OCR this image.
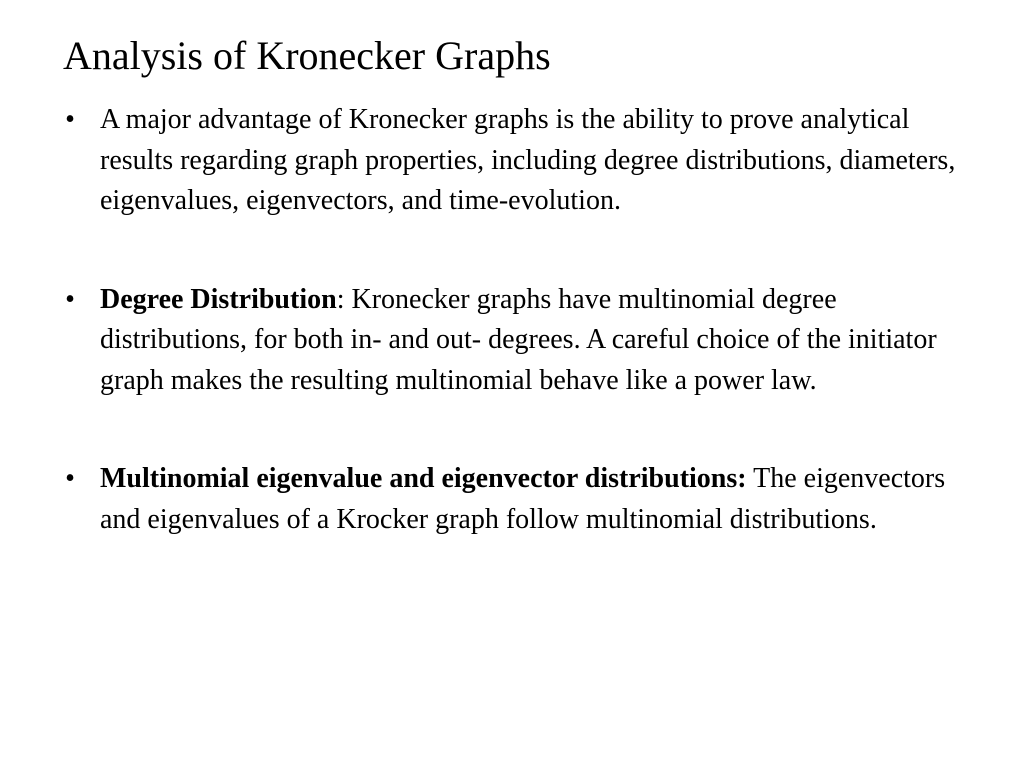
Analysis of Kronecker Graphs
• A major advantage of Kronecker graphs is the ability to prove analytical results regarding graph properties, including degree distributions, diameters, eigenvalues, eigenvectors, and time-evolution.
• Degree Distribution: Kronecker graphs have multinomial degree distributions, for both in- and out- degrees. A careful choice of the initiator graph makes the resulting multinomial behave like a power law.
• Multinomial eigenvalue and eigenvector distributions: The eigenvectors and eigenvalues of a Krocker graph follow multinomial distributions.
